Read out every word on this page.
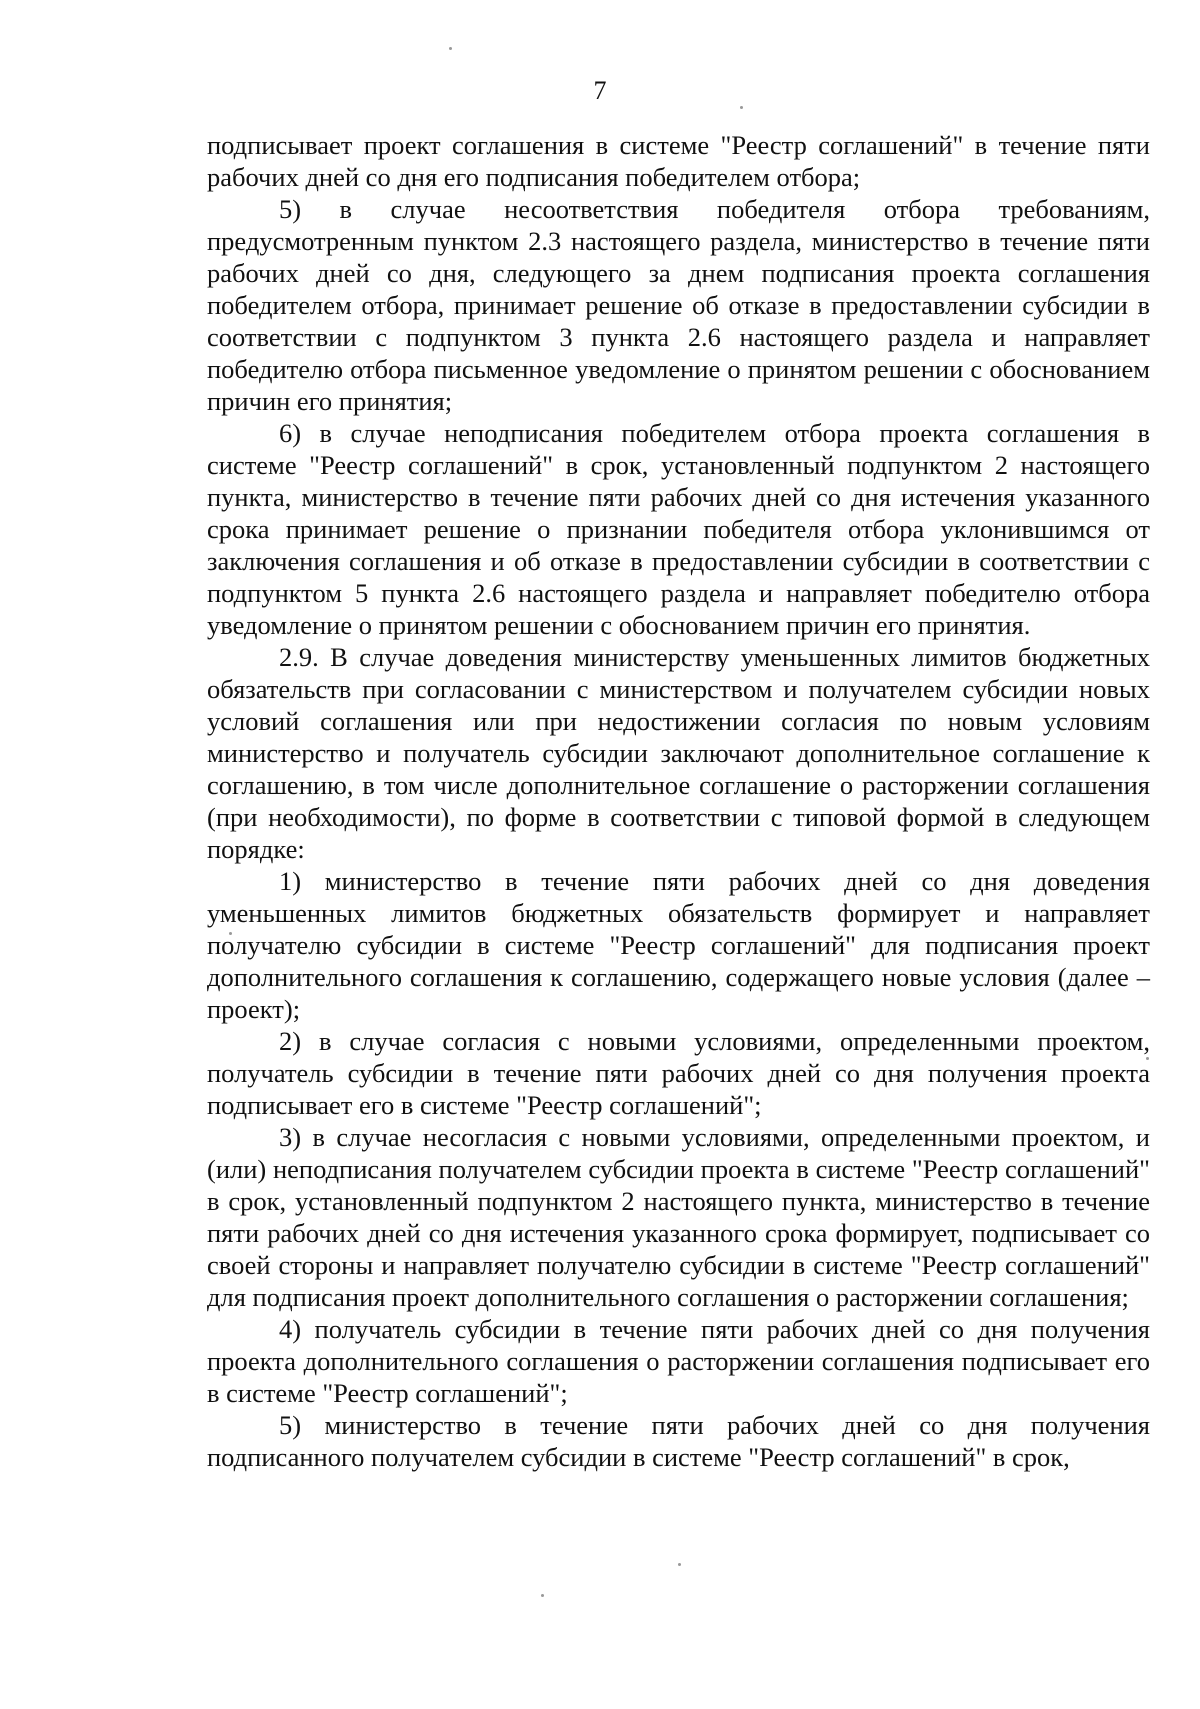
7

подписывает проект соглашения в системе "Реестр соглашений" в течение пяти рабочих дней со дня его подписания победителем отбора;

5) в случае несоответствия победителя отбора требованиям, предусмотренным пунктом 2.3 настоящего раздела, министерство в течение пяти рабочих дней со дня, следующего за днем подписания проекта соглашения победителем отбора, принимает решение об отказе в предоставлении субсидии в соответствии с подпунктом 3 пункта 2.6 настоящего раздела и направляет победителю отбора письменное уведомление о принятом решении с обоснованием причин его принятия;

6) в случае неподписания победителем отбора проекта соглашения в системе "Реестр соглашений" в срок, установленный подпунктом 2 настоящего пункта, министерство в течение пяти рабочих дней со дня истечения указанного срока принимает решение о признании победителя отбора уклонившимся от заключения соглашения и об отказе в предоставлении субсидии в соответствии с подпунктом 5 пункта 2.6 настоящего раздела и направляет победителю отбора уведомление о принятом решении с обоснованием причин его принятия.

2.9. В случае доведения министерству уменьшенных лимитов бюджетных обязательств при согласовании с министерством и получателем субсидии новых условий соглашения или при недостижении согласия по новым условиям министерство и получатель субсидии заключают дополнительное соглашение к соглашению, в том числе дополнительное соглашение о расторжении соглашения (при необходимости), по форме в соответствии с типовой формой в следующем порядке:

1) министерство в течение пяти рабочих дней со дня доведения уменьшенных лимитов бюджетных обязательств формирует и направляет получателю субсидии в системе "Реестр соглашений" для подписания проект дополнительного соглашения к соглашению, содержащего новые условия (далее – проект);

2) в случае согласия с новыми условиями, определенными проектом, получатель субсидии в течение пяти рабочих дней со дня получения проекта подписывает его в системе "Реестр соглашений";

3) в случае несогласия с новыми условиями, определенными проектом, и (или) неподписания получателем субсидии проекта в системе "Реестр соглашений" в срок, установленный подпунктом 2 настоящего пункта, министерство в течение пяти рабочих дней со дня истечения указанного срока формирует, подписывает со своей стороны и направляет получателю субсидии в системе "Реестр соглашений" для подписания проект дополнительного соглашения о расторжении соглашения;

4) получатель субсидии в течение пяти рабочих дней со дня получения проекта дополнительного соглашения о расторжении соглашения подписывает его в системе "Реестр соглашений";

5) министерство в течение пяти рабочих дней со дня получения подписанного получателем субсидии в системе "Реестр соглашений" в срок,
